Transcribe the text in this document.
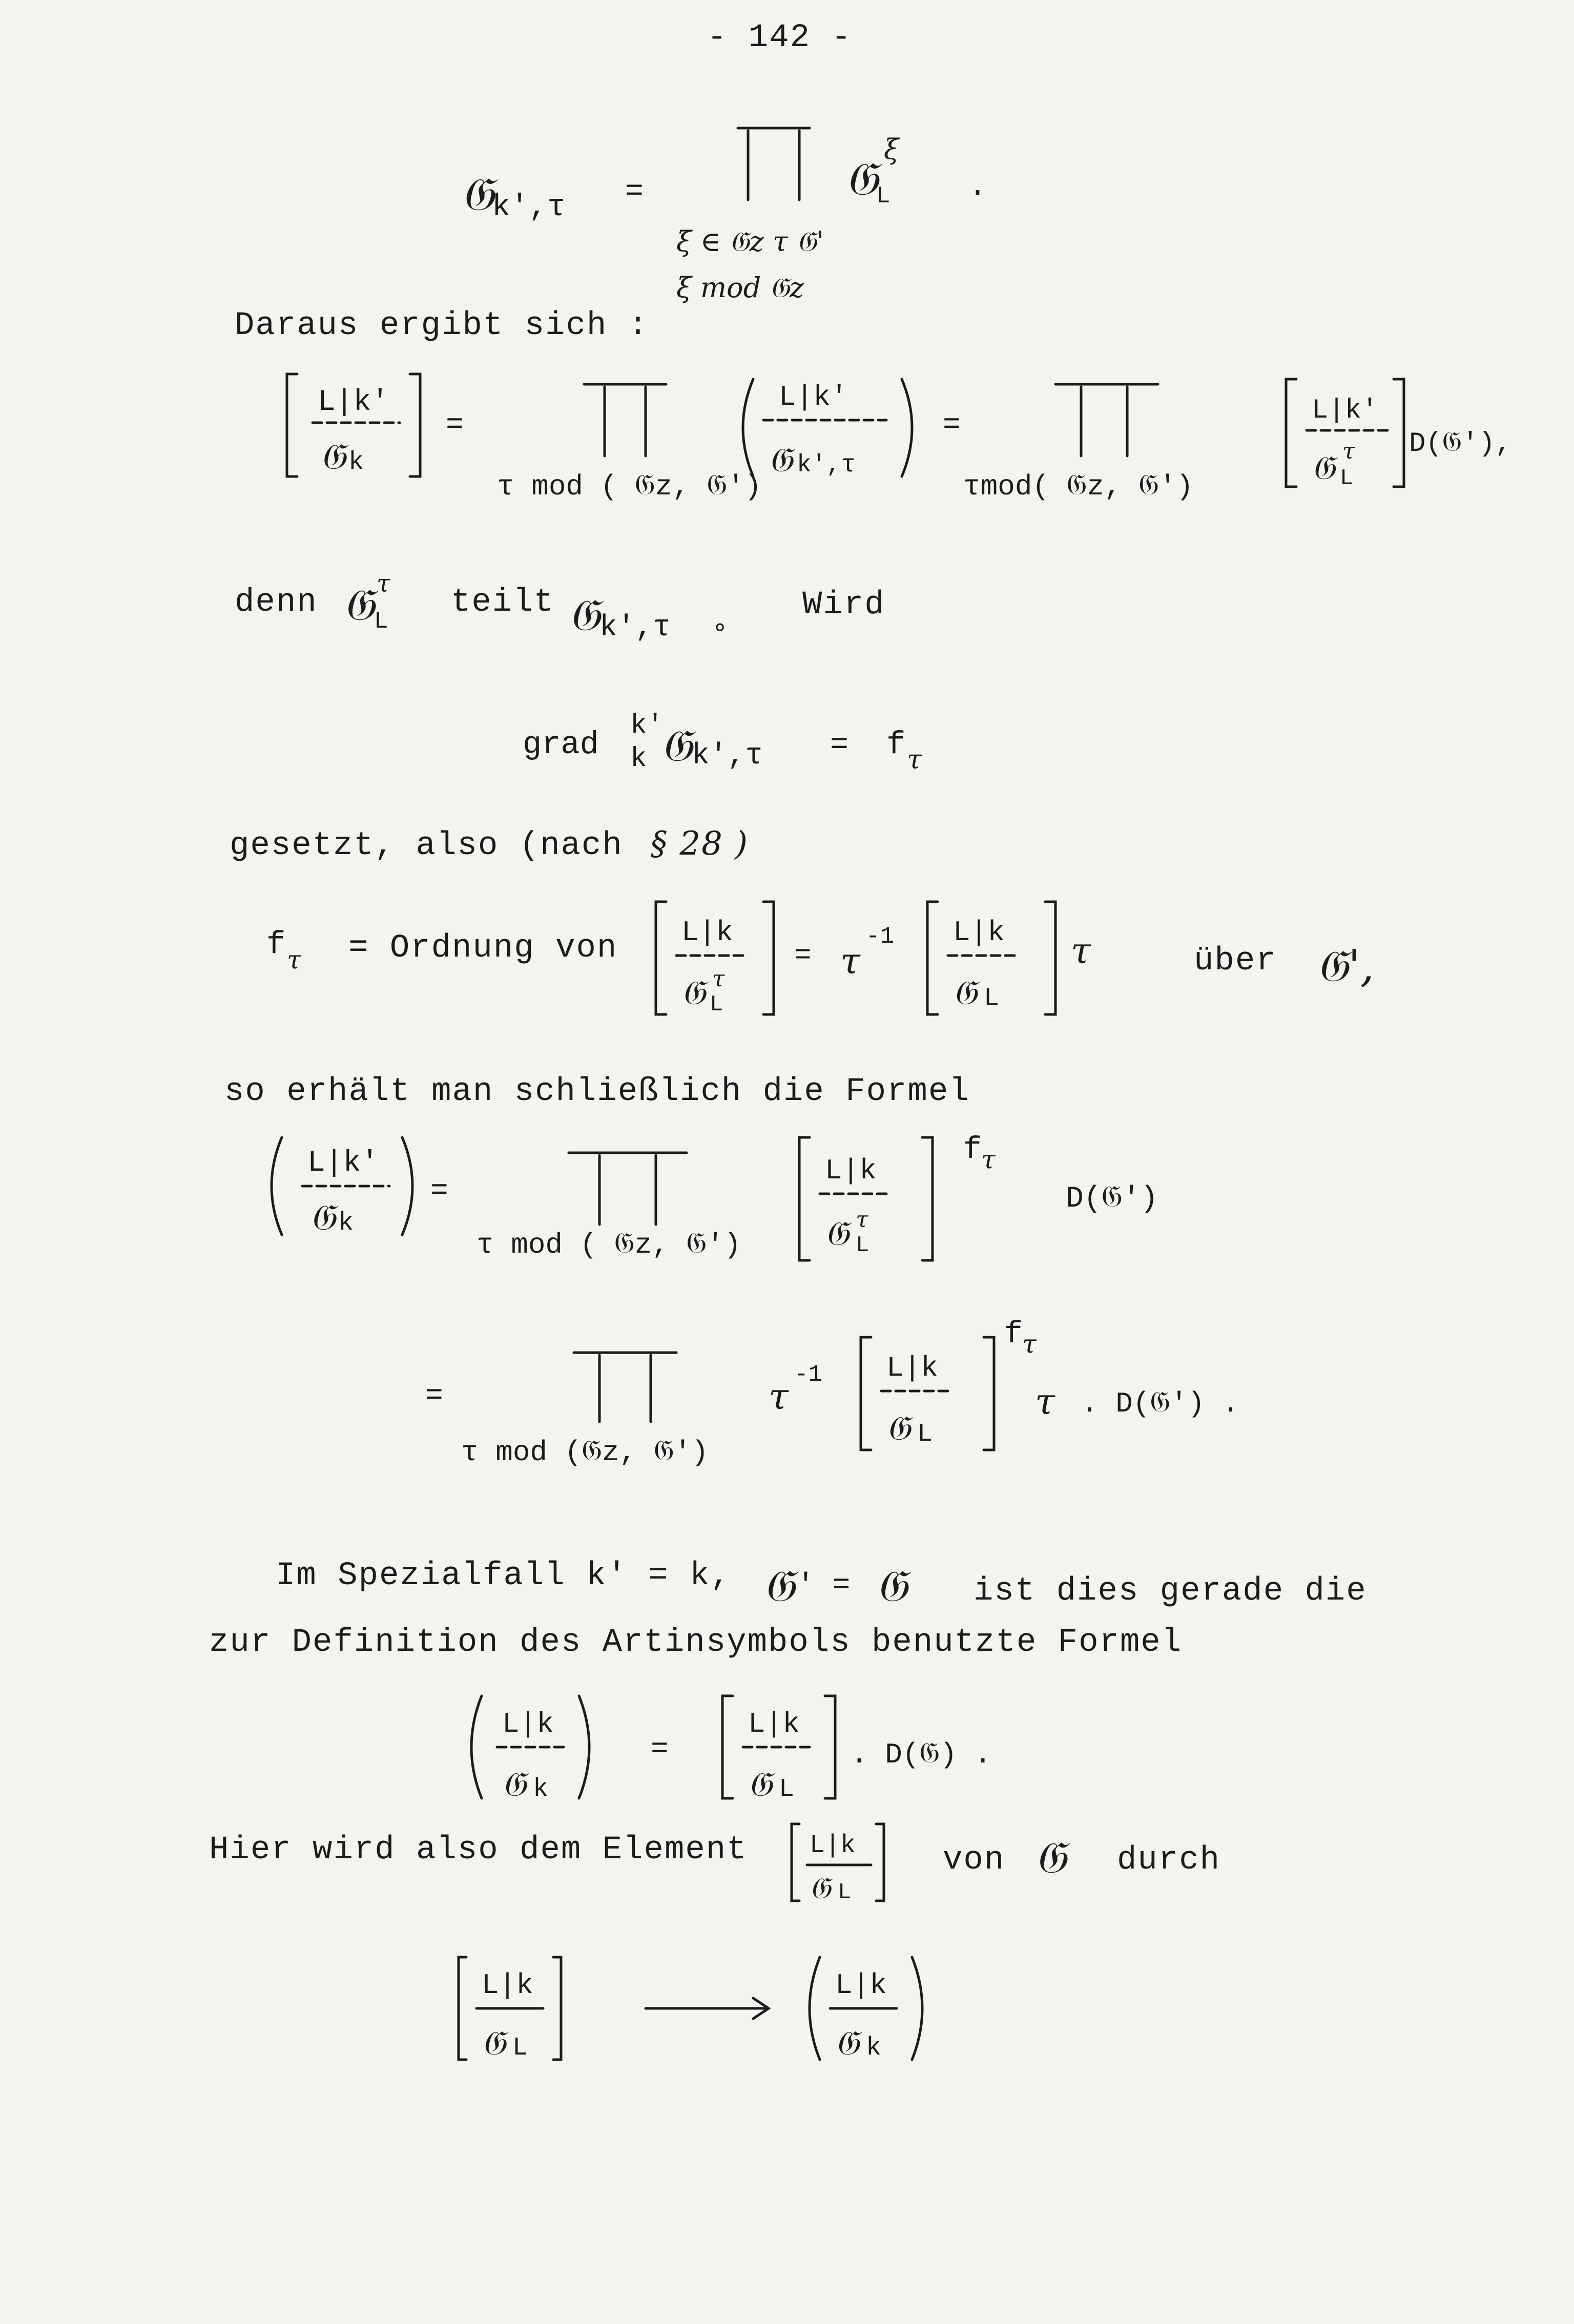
- 142 -
𝔊
k',τ =	𝔊
L
ξ
.
ξ ∈ 𝔊z τ 𝔊'
ξ mod 𝔊z
Daraus ergibt sich :
L|k'
𝔊 k
=
τ mod ( 𝔊z, 𝔊')
L|k'
𝔊 k',τ
=
τmod( 𝔊z, 𝔊')
L|k'
𝔊 L
τ D(𝔊'),
denn 𝔊
L
τ
teilt 𝔊
k',τ ∘
Wird
grad
k'
k 𝔊
k',τ = f τ
gesetzt, also (nach § 28 )
f τ = Ordnung von L|k
𝔊 L
τ
= τ
-1 L|k
𝔊 L
τ	über 𝔊',
so erhält man schließlich die Formel
L|k'
𝔊 k
=
τ mod ( 𝔊z, 𝔊')
L|k
𝔊 L
τ
f
τ
D(𝔊')
=
τ mod (𝔊z, 𝔊')
τ
-1 L|k
𝔊 L
f
τ
τ . D(𝔊') .
Im Spezialfall k' = k, 𝔊 ' = 𝔊 ist dies gerade die
zur Definition des Artinsymbols benutzte Formel
L|k
𝔊 k
=
L|k
𝔊 L
. D(𝔊) .
Hier wird also dem Element L|k
𝔊 L
von 𝔊 durch
L|k
𝔊 L
L|k
𝔊 k
